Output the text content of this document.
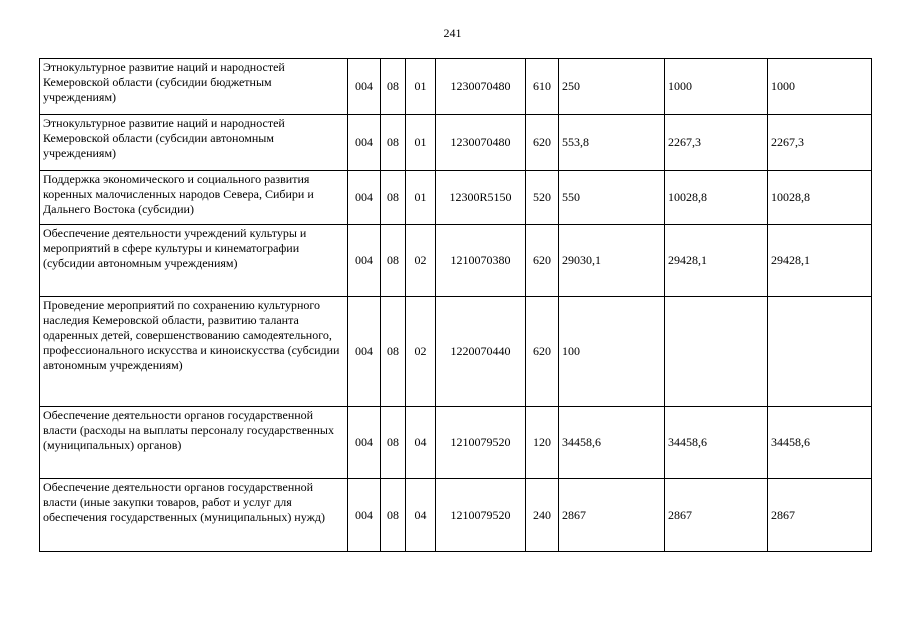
241
Этнокультурное развитие наций и народностей Кемеровской области (субсидии бюджетным учреждениям)	004	08	01	1230070480	610	250	1000	1000
Этнокультурное развитие наций и народностей Кемеровской области (субсидии автономным учреждениям)	004	08	01	1230070480	620	553,8	2267,3	2267,3
Поддержка экономического и социального развития коренных малочисленных народов Севера, Сибири и Дальнего Востока (субсидии)	004	08	01	12300R5150	520	550	10028,8	10028,8
Обеспечение деятельности учреждений культуры и мероприятий в сфере культуры и кинематографии (субсидии автономным учреждениям)	004	08	02	1210070380	620	29030,1	29428,1	29428,1
Проведение мероприятий по сохранению культурного наследия Кемеровской области, развитию таланта одаренных детей, совершенствованию самодеятельного, профессионального искусства и киноискусства (субсидии автономным учреждениям)	004	08	02	1220070440	620	100		
Обеспечение деятельности органов государственной власти (расходы на выплаты персоналу государственных (муниципальных) органов)	004	08	04	1210079520	120	34458,6	34458,6	34458,6
Обеспечение деятельности органов государственной власти (иные закупки товаров, работ и услуг для обеспечения государственных (муниципальных) нужд)	004	08	04	1210079520	240	2867	2867	2867
